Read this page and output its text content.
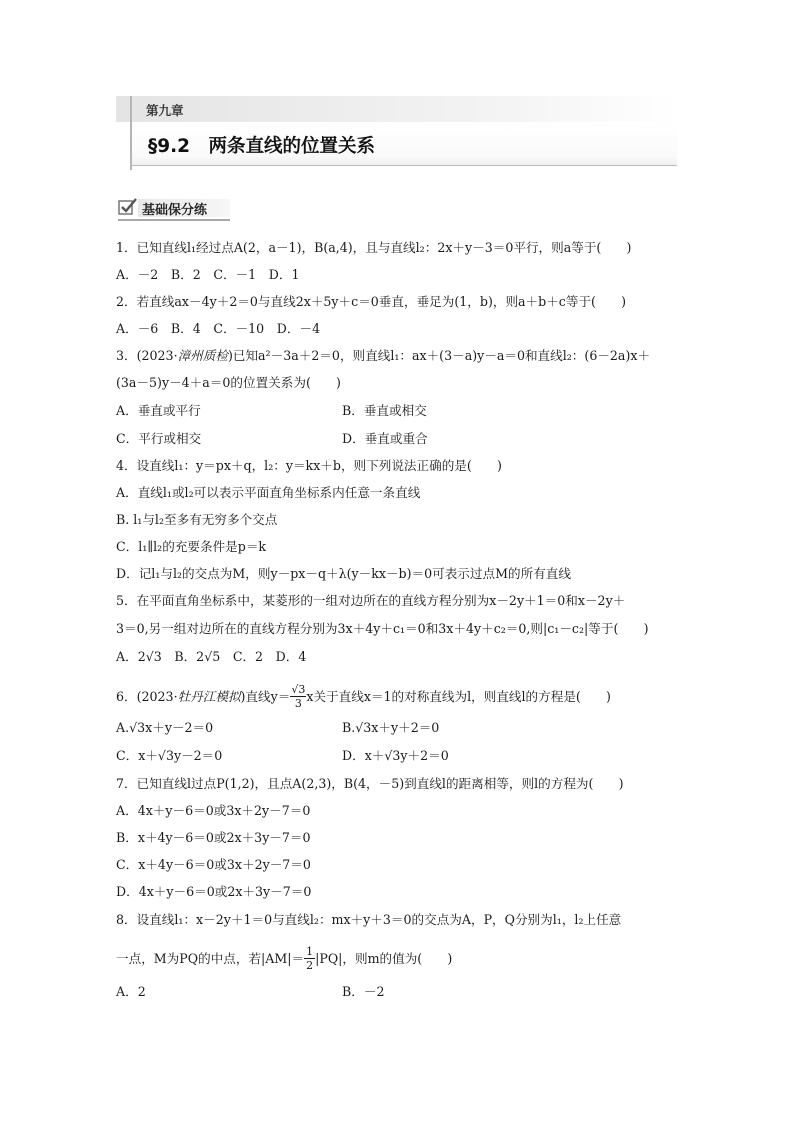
第九章
§9.2　两条直线的位置关系
基础保分练
1．已知直线l₁经过点A(2，a－1)，B(a,4)，且与直线l₂：2x＋y－3＝0平行，则a等于(　　)
A．－2　B．2　C．－1　D．1
2．若直线ax－4y＋2＝0与直线2x＋5y＋c＝0垂直，垂足为(1，b)，则a＋b＋c等于(　　)
A．－6　B．4　C．－10　D．－4
3．(2023·漳州质检)已知a²－3a＋2＝0，则直线l₁：ax＋(3－a)y－a＝0和直线l₂：(6－2a)x＋
(3a－5)y－4＋a＝0的位置关系为(　　)
A．垂直或平行	B．垂直或相交
C．平行或相交	D．垂直或重合
4．设直线l₁：y＝px＋q，l₂：y＝kx＋b，则下列说法正确的是(　　)
A．直线l₁或l₂可以表示平面直角坐标系内任意一条直线
B. l₁与l₂至多有无穷多个交点
C．l₁∥l₂的充要条件是p＝k
D．记l₁与l₂的交点为M，则y－px－q＋λ(y－kx－b)＝0可表示过点M的所有直线
5．在平面直角坐标系中，某菱形的一组对边所在的直线方程分别为x－2y＋1＝0和x－2y＋
3＝0,另一组对边所在的直线方程分别为3x＋4y＋c₁＝0和3x＋4y＋c₂＝0,则|c₁－c₂|等于(　　)
A．2√3　B．2√5　C．2　D．4
6．(2023·牡丹江模拟)直线$y= \frac{√3}{3}$ x关于直线x＝1的对称直线为l，则直线l的方程是(　　)
A.√3x＋y－2＝0	B.√3x＋y＋2＝0
C．x＋√3y－2＝0	D．x＋√3y＋2＝0
7．已知直线l过点P(1,2)，且点A(2,3)，B(4，－5)到直线l的距离相等，则l的方程为(　　)
A．4x＋y－6＝0或3x＋2y－7＝0
B．x＋4y－6＝0或2x＋3y－7＝0
C．x＋4y－6＝0或3x＋2y－7＝0
D．4x＋y－6＝0或2x＋3y－7＝0
8．设直线l₁：x－2y＋1＝0与直线l₂：mx＋y＋3＝0的交点为A，P，Q分别为l₁，l₂上任意
一点，M为PQ的中点，若$|AM|= \frac{1}{2} |PQ|$，则m的值为(　　)
A．2	B．－2
